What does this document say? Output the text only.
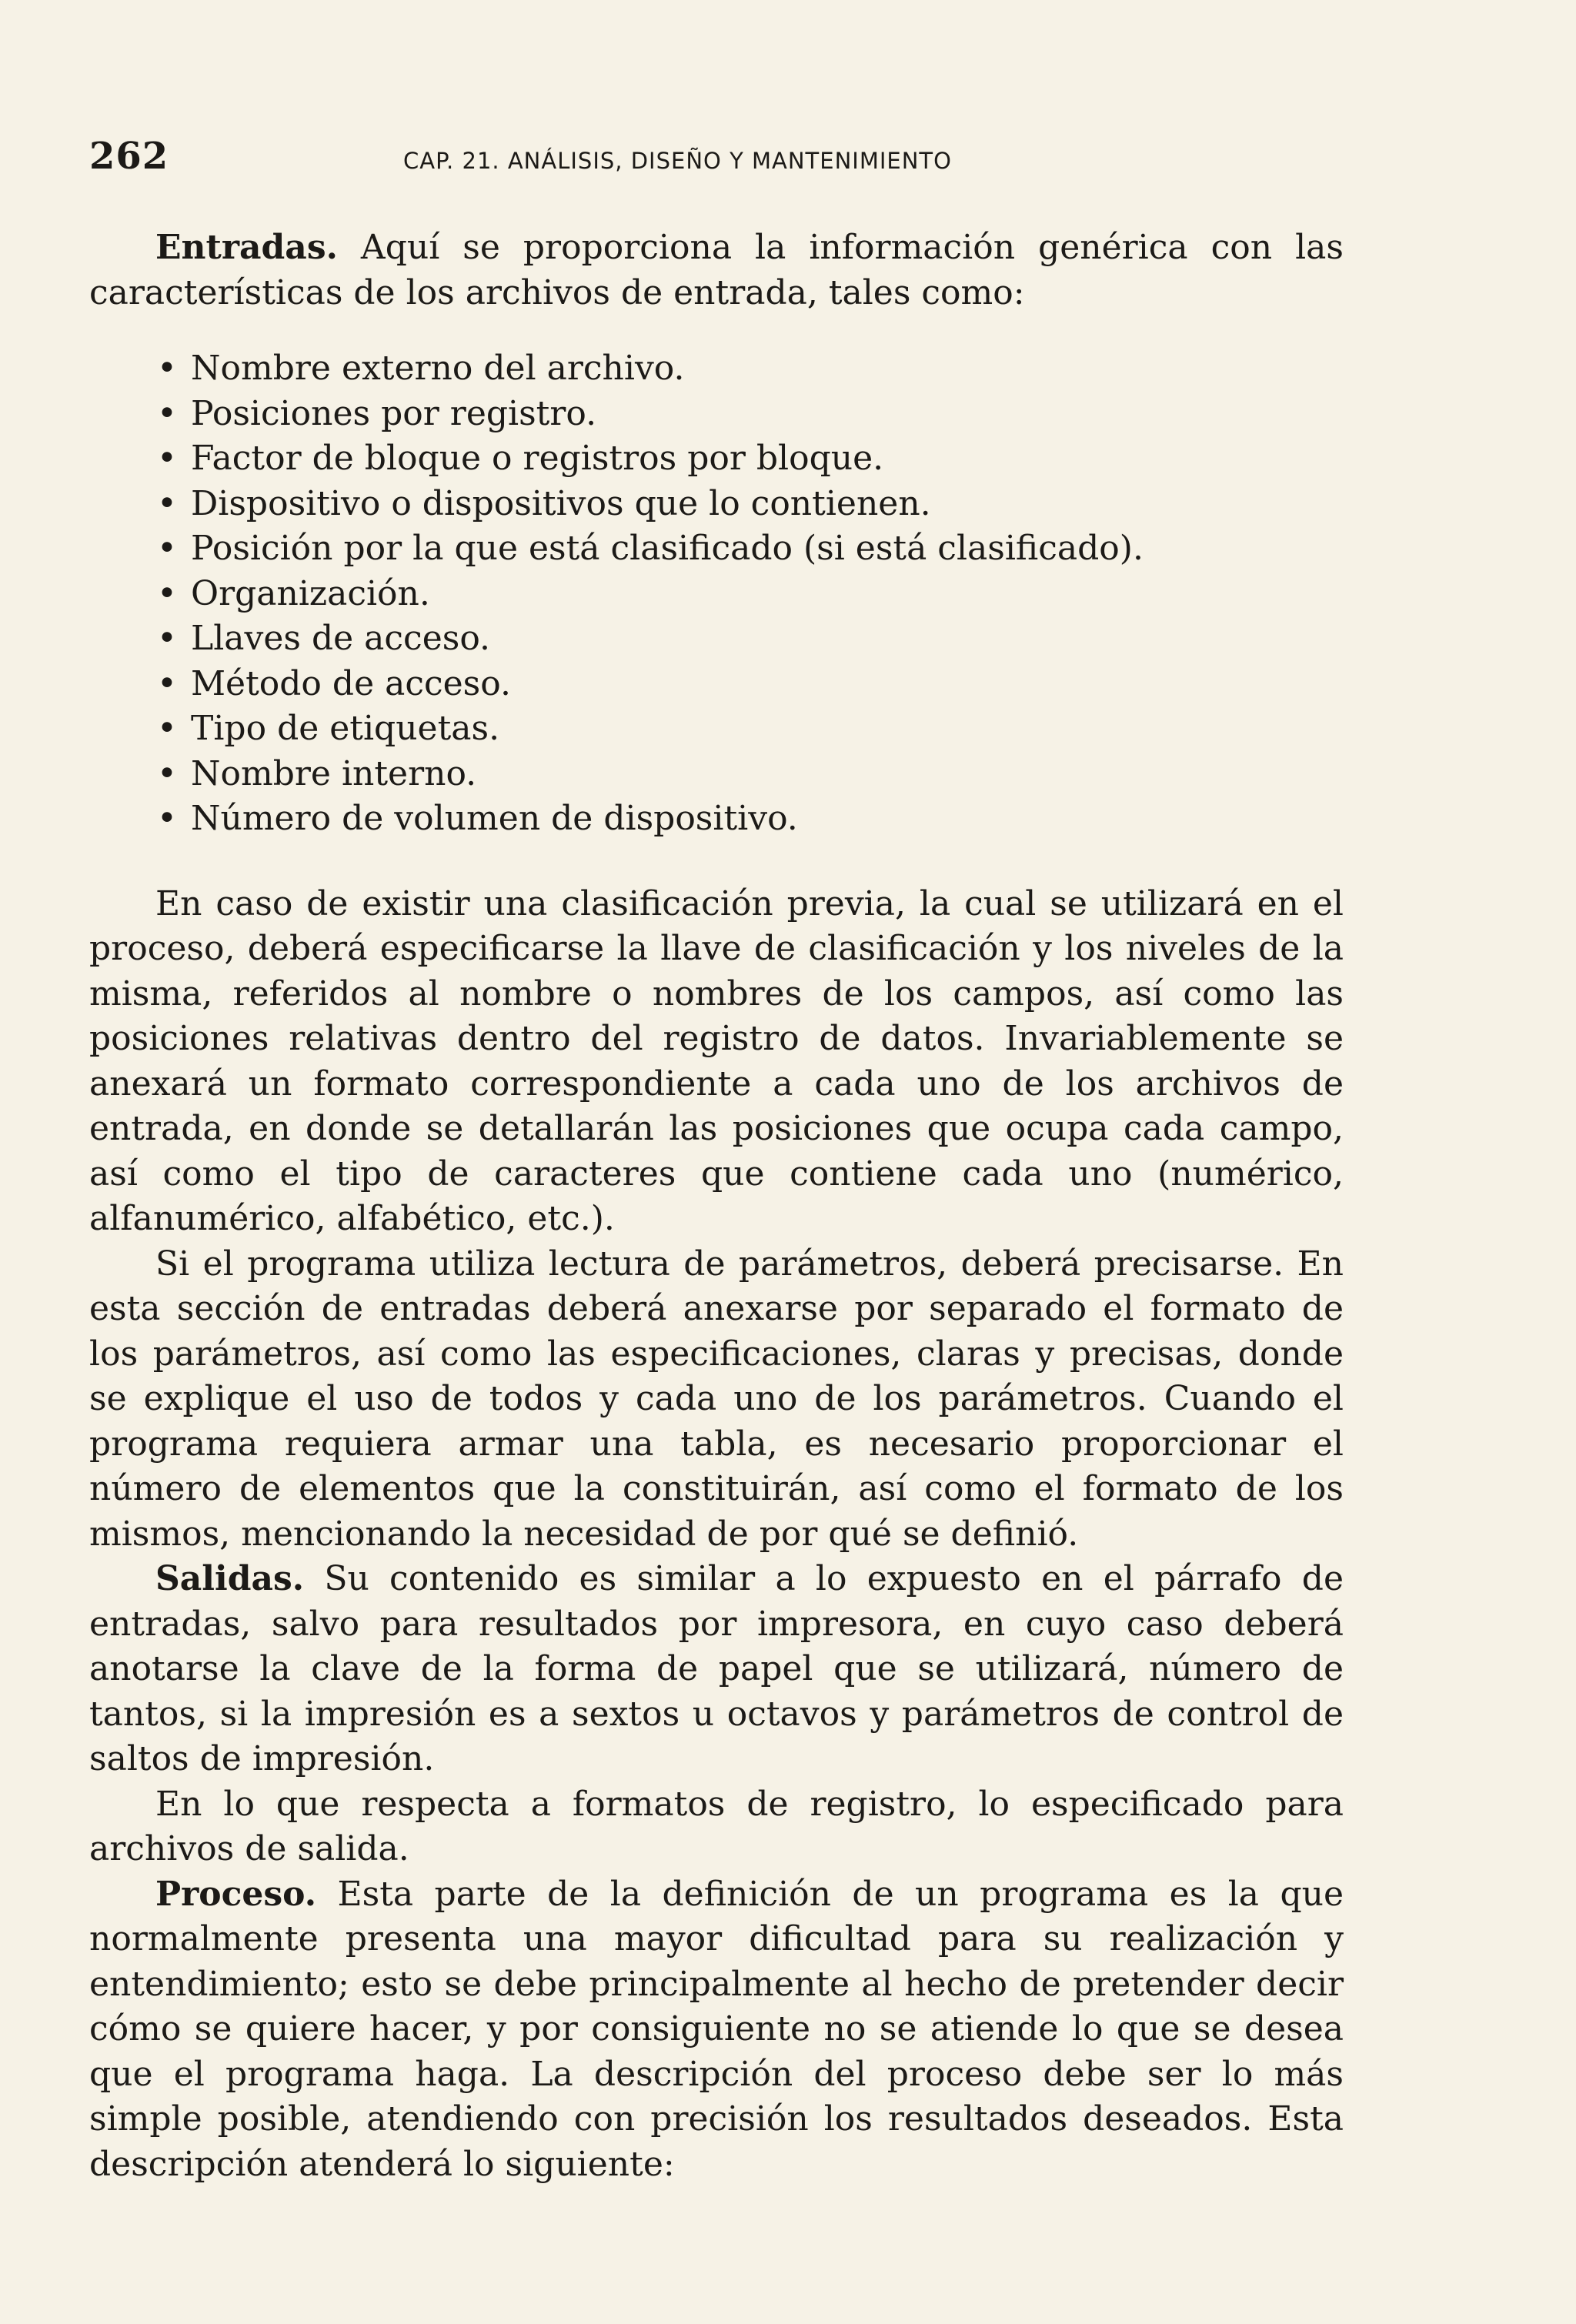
262	CAP. 21. ANÁLISIS, DISEÑO Y MANTENIMIENTO

Entradas. Aquí se proporciona la información genérica con las características de los archivos de entrada, tales como:

• Nombre externo del archivo.
• Posiciones por registro.
• Factor de bloque o registros por bloque.
• Dispositivo o dispositivos que lo contienen.
• Posición por la que está clasificado (si está clasificado).
• Organización.
• Llaves de acceso.
• Método de acceso.
• Tipo de etiquetas.
• Nombre interno.
• Número de volumen de dispositivo.

En caso de existir una clasificación previa, la cual se utilizará en el proceso, deberá especificarse la llave de clasificación y los niveles de la misma, referidos al nombre o nombres de los campos, así como las posiciones relativas dentro del registro de datos. Invariablemente se anexará un formato correspondiente a cada uno de los archivos de entrada, en donde se detallarán las posiciones que ocupa cada campo, así como el tipo de caracteres que contiene cada uno (numérico, alfanumérico, alfabético, etc.).

Si el programa utiliza lectura de parámetros, deberá precisarse. En esta sección de entradas deberá anexarse por separado el formato de los parámetros, así como las especificaciones, claras y precisas, donde se explique el uso de todos y cada uno de los parámetros. Cuando el programa requiera armar una tabla, es necesario proporcionar el número de elementos que la constituirán, así como el formato de los mismos, mencionando la necesidad de por qué se definió.

Salidas. Su contenido es similar a lo expuesto en el párrafo de entradas, salvo para resultados por impresora, en cuyo caso deberá anotarse la clave de la forma de papel que se utilizará, número de tantos, si la impresión es a sextos u octavos y parámetros de control de saltos de impresión.

En lo que respecta a formatos de registro, lo especificado para archivos de salida.

Proceso. Esta parte de la definición de un programa es la que normalmente presenta una mayor dificultad para su realización y entendimiento; esto se debe principalmente al hecho de pretender decir cómo se quiere hacer, y por consiguiente no se atiende lo que se desea que el programa haga. La descripción del proceso debe ser lo más simple posible, atendiendo con precisión los resultados deseados. Esta descripción atenderá lo siguiente:
